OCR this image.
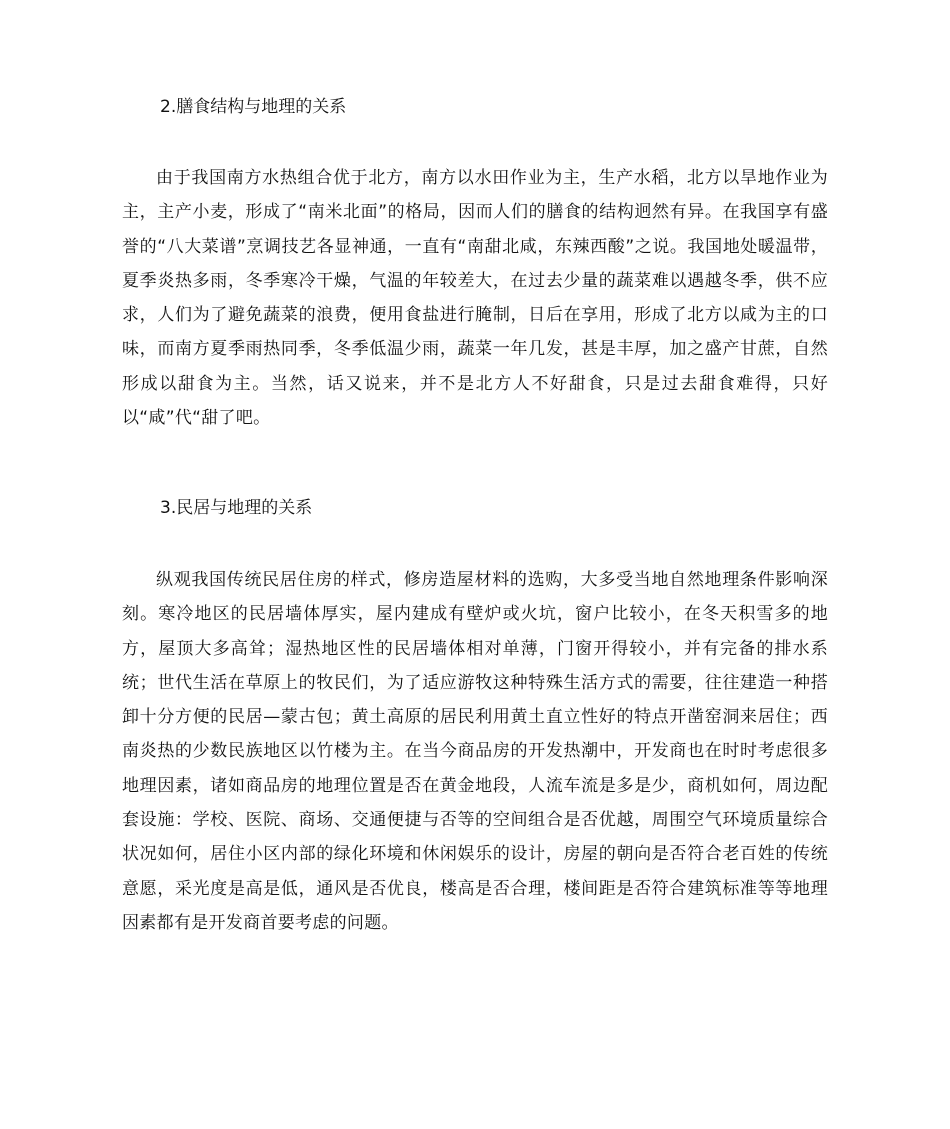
2.膳食结构与地理的关系

由于我国南方水热组合优于北方，南方以水田作业为主，生产水稻，北方以旱地作业为主，主产小麦，形成了“南米北面”的格局，因而人们的膳食的结构迥然有异。在我国享有盛誉的“八大菜谱”烹调技艺各显神通，一直有“南甜北咸，东辣西酸”之说。我国地处暖温带，夏季炎热多雨，冬季寒冷干燥，气温的年较差大，在过去少量的蔬菜难以遇越冬季，供不应求，人们为了避免蔬菜的浪费，便用食盐进行腌制，日后在享用，形成了北方以咸为主的口味，而南方夏季雨热同季，冬季低温少雨，蔬菜一年几发，甚是丰厚，加之盛产甘蔗，自然形成以甜食为主。当然，话又说来，并不是北方人不好甜食，只是过去甜食难得，只好以“咸”代“甜了吧。

3.民居与地理的关系

纵观我国传统民居住房的样式，修房造屋材料的选购，大多受当地自然地理条件影响深刻。寒冷地区的民居墙体厚实，屋内建成有壁炉或火坑，窗户比较小，在冬天积雪多的地方，屋顶大多高耸；湿热地区性的民居墙体相对单薄，门窗开得较小，并有完备的排水系统；世代生活在草原上的牧民们，为了适应游牧这种特殊生活方式的需要，往往建造一种搭卸十分方便的民居—蒙古包；黄土高原的居民利用黄土直立性好的特点开凿窑洞来居住；西南炎热的少数民族地区以竹楼为主。在当今商品房的开发热潮中，开发商也在时时考虑很多地理因素，诸如商品房的地理位置是否在黄金地段，人流车流是多是少，商机如何，周边配套设施：学校、医院、商场、交通便捷与否等的空间组合是否优越，周围空气环境质量综合状况如何，居住小区内部的绿化环境和休闲娱乐的设计，房屋的朝向是否符合老百姓的传统意愿，采光度是高是低，通风是否优良，楼高是否合理，楼间距是否符合建筑标准等等地理因素都有是开发商首要考虑的问题。
